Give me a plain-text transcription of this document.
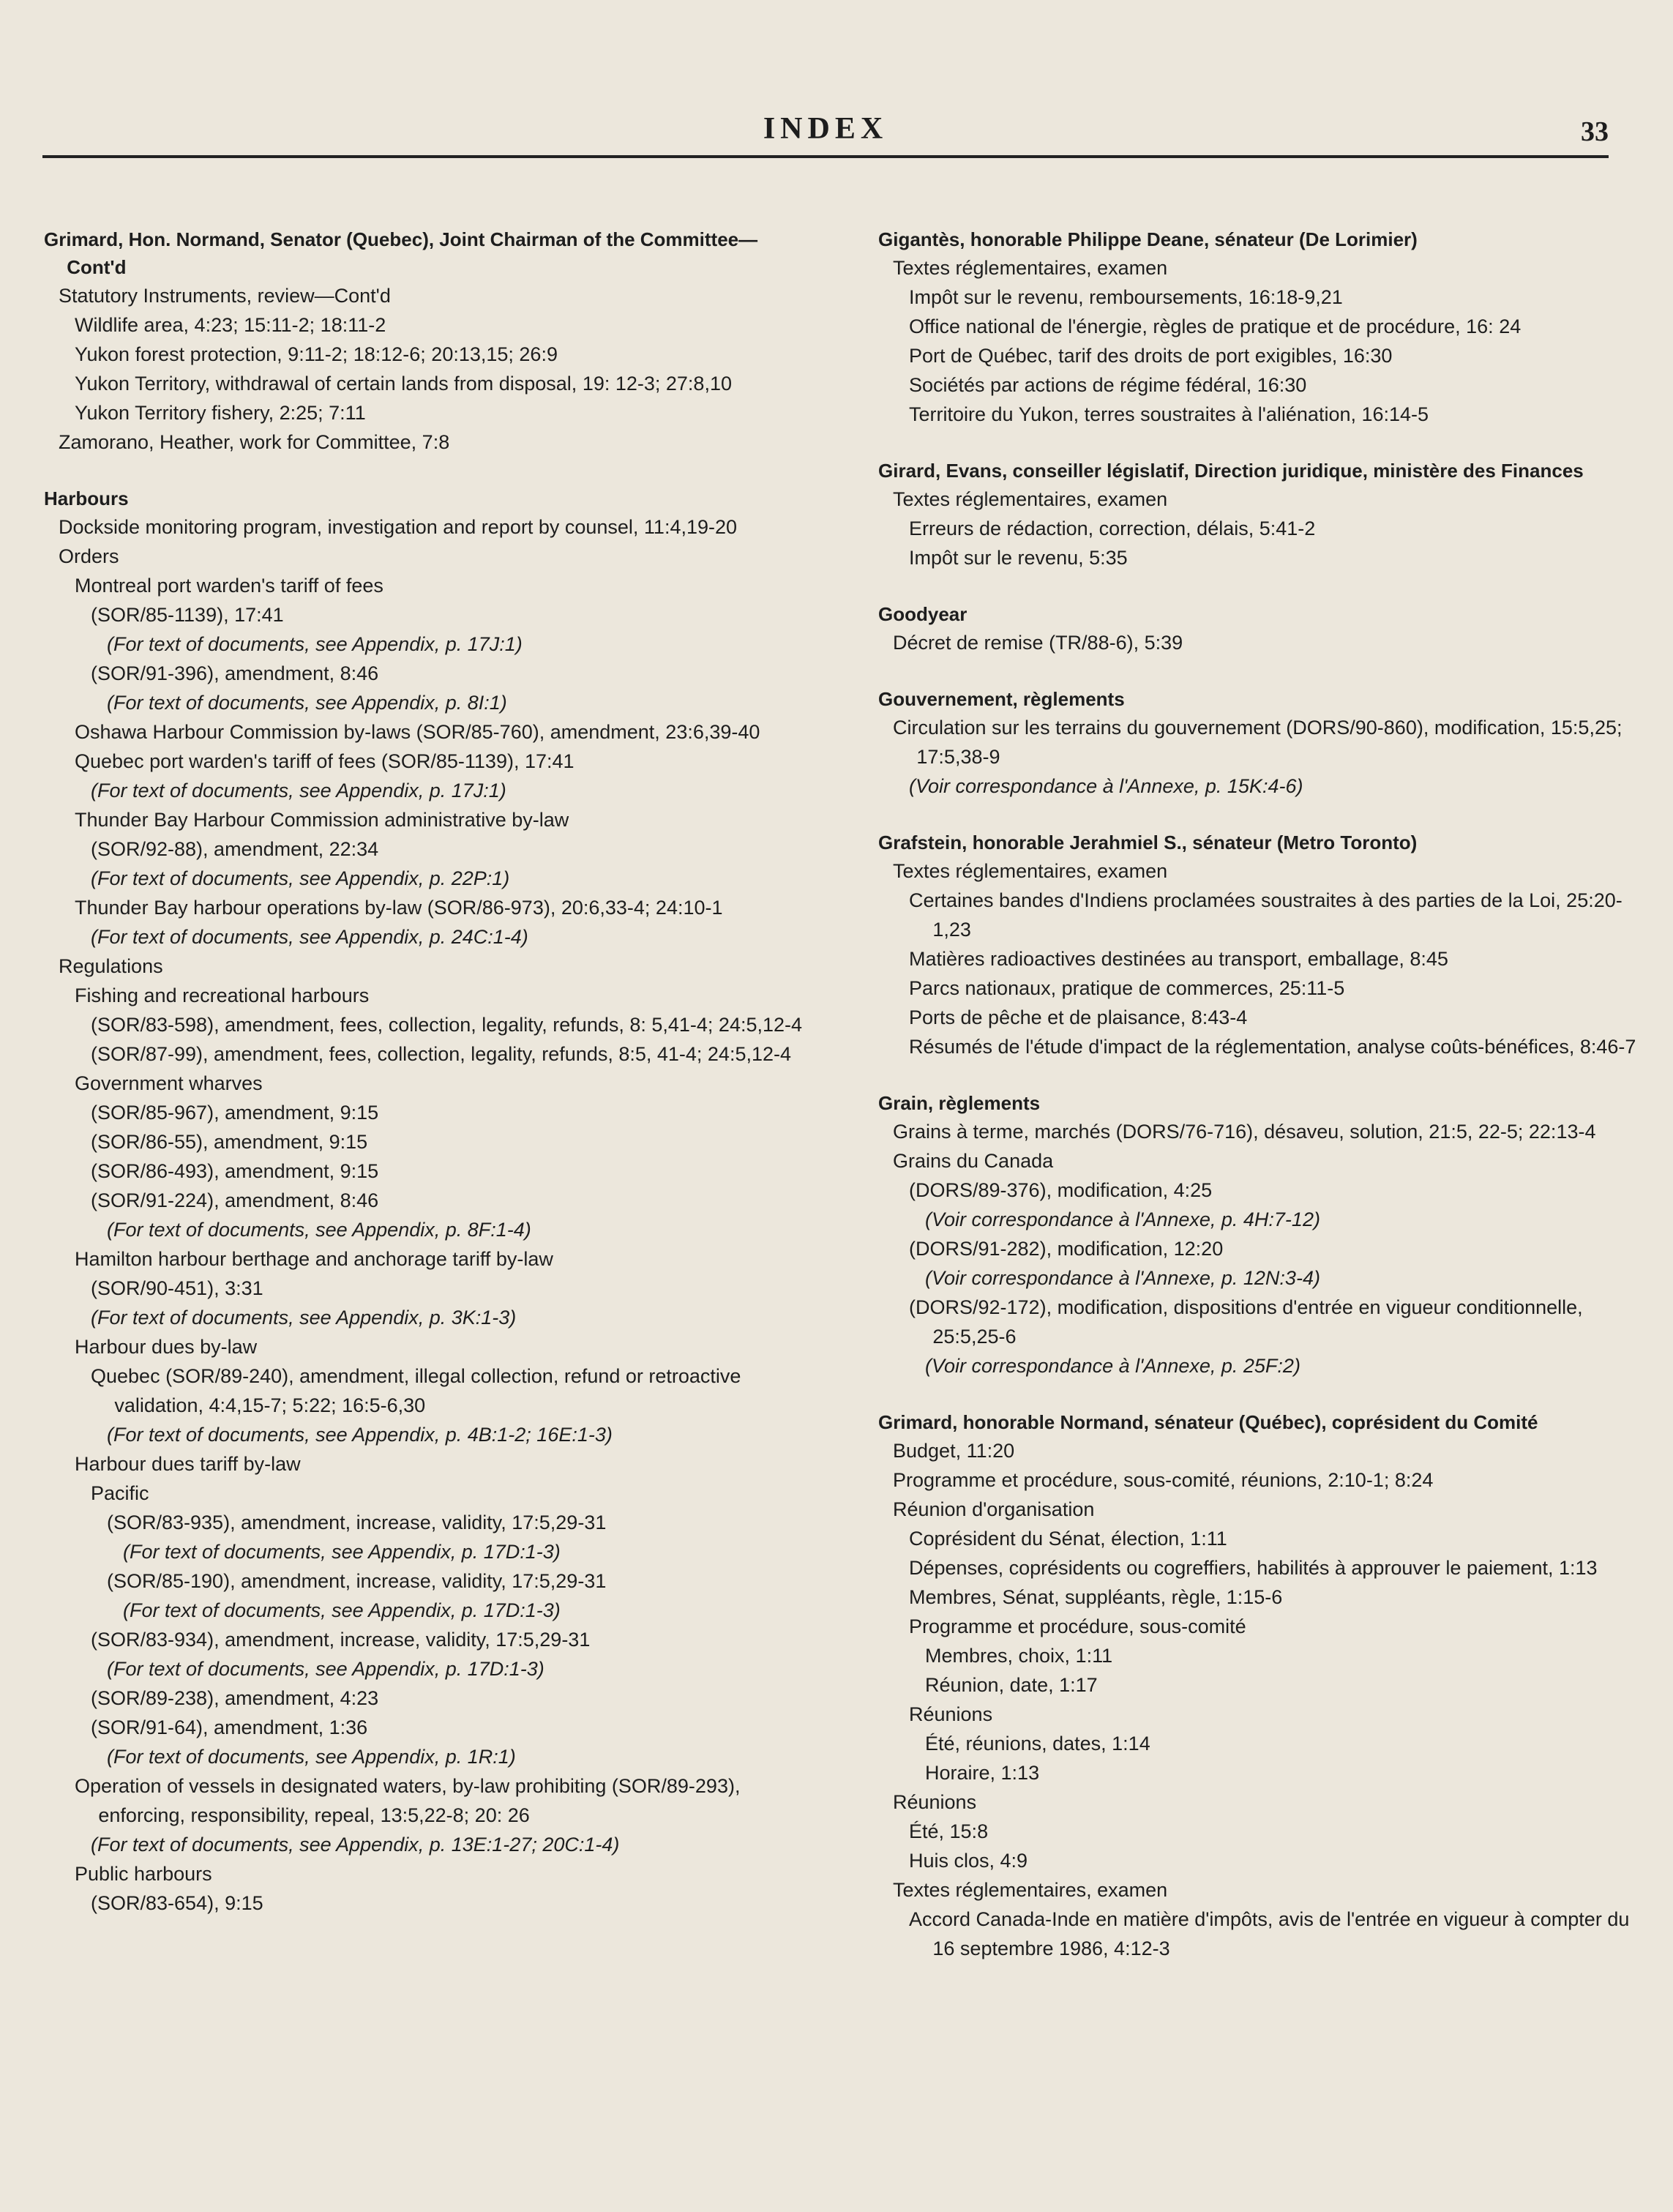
INDEX	33
Grimard, Hon. Normand, Senator (Quebec), Joint Chairman of the Committee—Cont'd
Statutory Instruments, review—Cont'd
Wildlife area, 4:23; 15:11-2; 18:11-2
Yukon forest protection, 9:11-2; 18:12-6; 20:13,15; 26:9
Yukon Territory, withdrawal of certain lands from disposal, 19: 12-3; 27:8,10
Yukon Territory fishery, 2:25; 7:11
Zamorano, Heather, work for Committee, 7:8
Harbours
Dockside monitoring program, investigation and report by counsel, 11:4,19-20
Orders
Montreal port warden's tariff of fees
(SOR/85-1139), 17:41
(For text of documents, see Appendix, p. 17J:1)
(SOR/91-396), amendment, 8:46
(For text of documents, see Appendix, p. 8I:1)
Oshawa Harbour Commission by-laws (SOR/85-760), amendment, 23:6,39-40
Quebec port warden's tariff of fees (SOR/85-1139), 17:41
(For text of documents, see Appendix, p. 17J:1)
Thunder Bay Harbour Commission administrative by-law
(SOR/92-88), amendment, 22:34
(For text of documents, see Appendix, p. 22P:1)
Thunder Bay harbour operations by-law (SOR/86-973), 20:6,33-4; 24:10-1
(For text of documents, see Appendix, p. 24C:1-4)
Regulations
Fishing and recreational harbours
(SOR/83-598), amendment, fees, collection, legality, refunds, 8: 5,41-4; 24:5,12-4
(SOR/87-99), amendment, fees, collection, legality, refunds, 8:5, 41-4; 24:5,12-4
Government wharves
(SOR/85-967), amendment, 9:15
(SOR/86-55), amendment, 9:15
(SOR/86-493), amendment, 9:15
(SOR/91-224), amendment, 8:46
(For text of documents, see Appendix, p. 8F:1-4)
Hamilton harbour berthage and anchorage tariff by-law
(SOR/90-451), 3:31
(For text of documents, see Appendix, p. 3K:1-3)
Harbour dues by-law
Quebec (SOR/89-240), amendment, illegal collection, refund or retroactive validation, 4:4,15-7; 5:22; 16:5-6,30
(For text of documents, see Appendix, p. 4B:1-2; 16E:1-3)
Harbour dues tariff by-law
Pacific
(SOR/83-935), amendment, increase, validity, 17:5,29-31
(For text of documents, see Appendix, p. 17D:1-3)
(SOR/85-190), amendment, increase, validity, 17:5,29-31
(For text of documents, see Appendix, p. 17D:1-3)
(SOR/83-934), amendment, increase, validity, 17:5,29-31
(For text of documents, see Appendix, p. 17D:1-3)
(SOR/89-238), amendment, 4:23
(SOR/91-64), amendment, 1:36
(For text of documents, see Appendix, p. 1R:1)
Operation of vessels in designated waters, by-law prohibiting (SOR/89-293), enforcing, responsibility, repeal, 13:5,22-8; 20: 26
(For text of documents, see Appendix, p. 13E:1-27; 20C:1-4)
Public harbours
(SOR/83-654), 9:15
Gigantès, honorable Philippe Deane, sénateur (De Lorimier)
Textes réglementaires, examen
Impôt sur le revenu, remboursements, 16:18-9,21
Office national de l'énergie, règles de pratique et de procédure, 16: 24
Port de Québec, tarif des droits de port exigibles, 16:30
Sociétés par actions de régime fédéral, 16:30
Territoire du Yukon, terres soustraites à l'aliénation, 16:14-5
Girard, Evans, conseiller législatif, Direction juridique, ministère des Finances
Textes réglementaires, examen
Erreurs de rédaction, correction, délais, 5:41-2
Impôt sur le revenu, 5:35
Goodyear
Décret de remise (TR/88-6), 5:39
Gouvernement, règlements
Circulation sur les terrains du gouvernement (DORS/90-860), modification, 15:5,25; 17:5,38-9
(Voir correspondance à l'Annexe, p. 15K:4-6)
Grafstein, honorable Jerahmiel S., sénateur (Metro Toronto)
Textes réglementaires, examen
Certaines bandes d'Indiens proclamées soustraites à des parties de la Loi, 25:20-1,23
Matières radioactives destinées au transport, emballage, 8:45
Parcs nationaux, pratique de commerces, 25:11-5
Ports de pêche et de plaisance, 8:43-4
Résumés de l'étude d'impact de la réglementation, analyse coûts-bénéfices, 8:46-7
Grain, règlements
Grains à terme, marchés (DORS/76-716), désaveu, solution, 21:5, 22-5; 22:13-4
Grains du Canada
(DORS/89-376), modification, 4:25
(Voir correspondance à l'Annexe, p. 4H:7-12)
(DORS/91-282), modification, 12:20
(Voir correspondance à l'Annexe, p. 12N:3-4)
(DORS/92-172), modification, dispositions d'entrée en vigueur conditionnelle, 25:5,25-6
(Voir correspondance à l'Annexe, p. 25F:2)
Grimard, honorable Normand, sénateur (Québec), coprésident du Comité
Budget, 11:20
Programme et procédure, sous-comité, réunions, 2:10-1; 8:24
Réunion d'organisation
Coprésident du Sénat, élection, 1:11
Dépenses, coprésidents ou cogreffiers, habilités à approuver le paiement, 1:13
Membres, Sénat, suppléants, règle, 1:15-6
Programme et procédure, sous-comité
Membres, choix, 1:11
Réunion, date, 1:17
Réunions
Été, réunions, dates, 1:14
Horaire, 1:13
Réunions
Été, 15:8
Huis clos, 4:9
Textes réglementaires, examen
Accord Canada-Inde en matière d'impôts, avis de l'entrée en vigueur à compter du 16 septembre 1986, 4:12-3
